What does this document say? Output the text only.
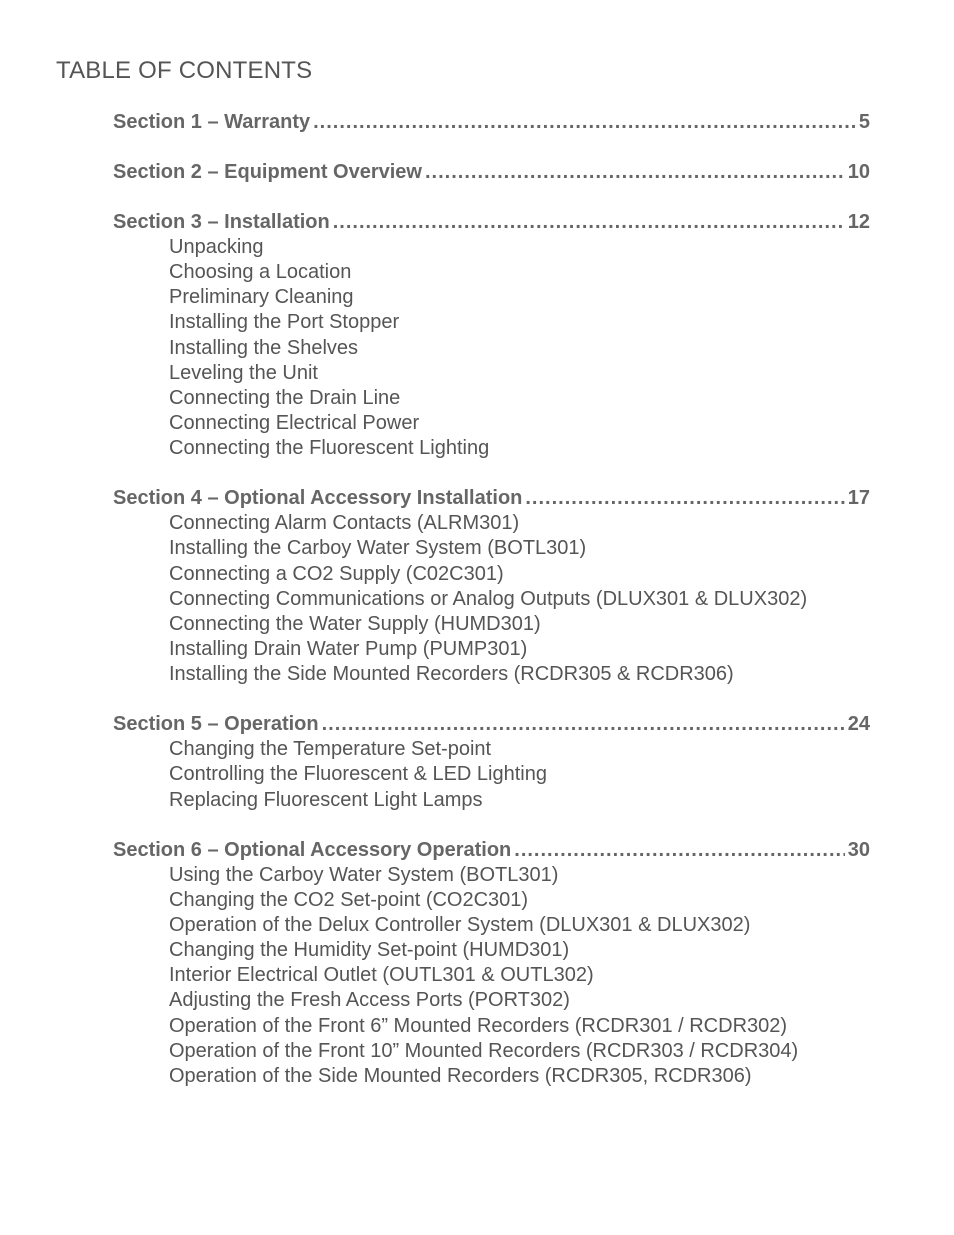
TABLE OF CONTENTS
Section 1 – Warranty .....	5
Section 2 – Equipment Overview .....	10
Section 3 – Installation .....	12
Unpacking
Choosing a Location
Preliminary Cleaning
Installing the Port Stopper
Installing the Shelves
Leveling the Unit
Connecting the Drain Line
Connecting Electrical Power
Connecting the Fluorescent Lighting
Section 4 – Optional Accessory Installation .....	17
Connecting Alarm Contacts (ALRM301)
Installing the Carboy Water System (BOTL301)
Connecting a CO2 Supply (C02C301)
Connecting Communications or Analog Outputs (DLUX301 & DLUX302)
Connecting the Water Supply (HUMD301)
Installing Drain Water Pump (PUMP301)
Installing the Side Mounted Recorders (RCDR305 & RCDR306)
Section 5 – Operation .....	24
Changing the Temperature Set-point
Controlling the Fluorescent & LED Lighting
Replacing Fluorescent Light Lamps
Section 6 – Optional Accessory Operation .....	30
Using the Carboy Water System (BOTL301)
Changing the CO2 Set-point (CO2C301)
Operation of the Delux Controller System (DLUX301 & DLUX302)
Changing the Humidity Set-point (HUMD301)
Interior Electrical Outlet (OUTL301 & OUTL302)
Adjusting the Fresh Access Ports (PORT302)
Operation of the Front 6” Mounted Recorders (RCDR301 / RCDR302)
Operation of the Front 10” Mounted Recorders (RCDR303 / RCDR304)
Operation of the Side Mounted Recorders (RCDR305, RCDR306)
